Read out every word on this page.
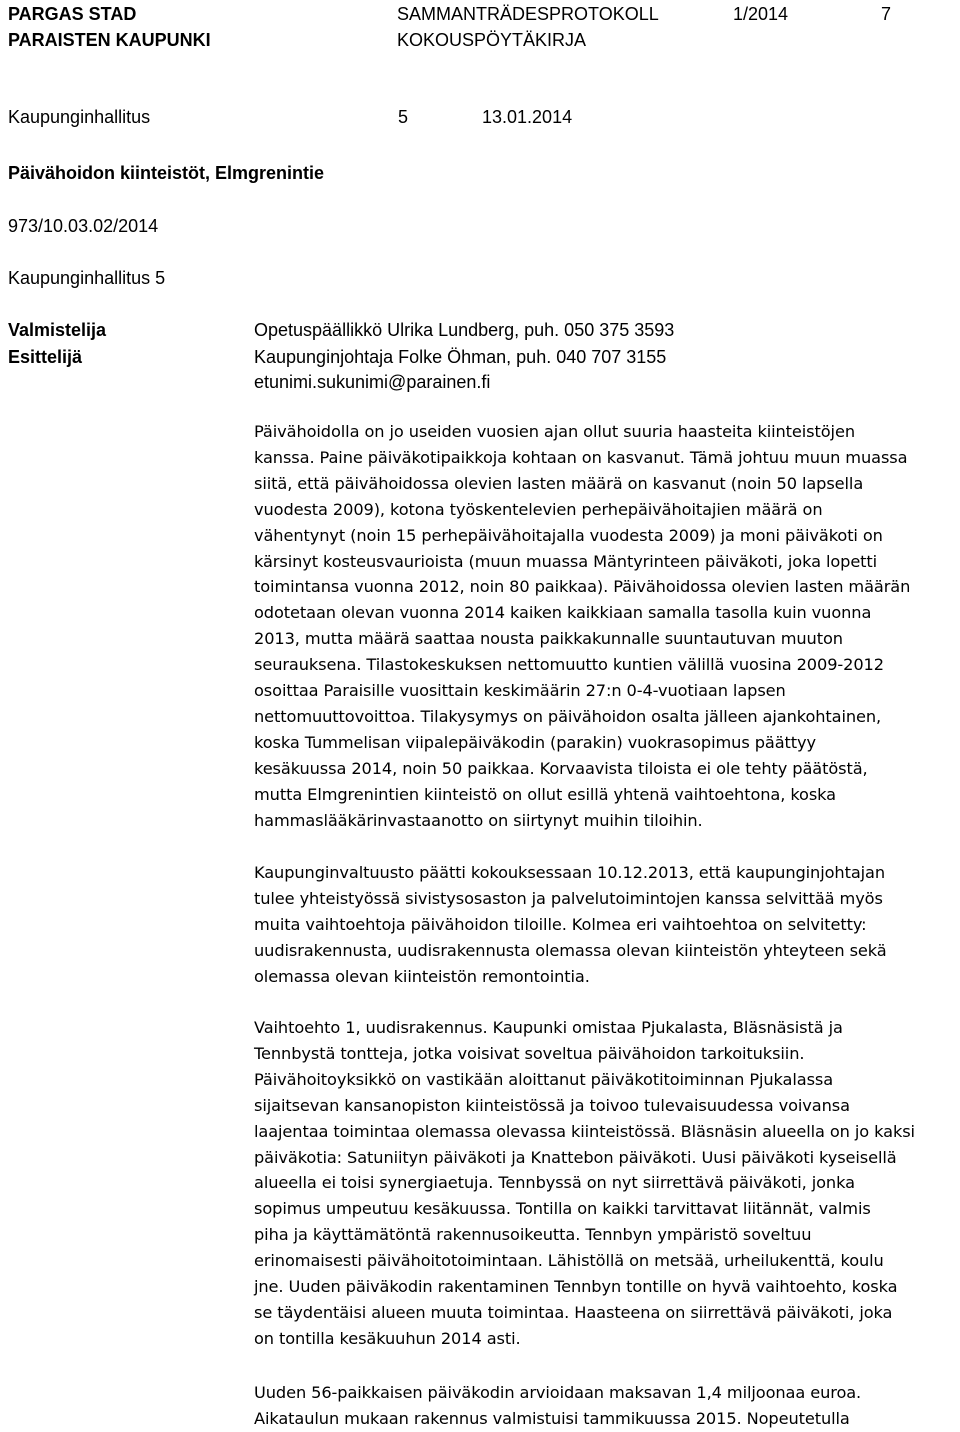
PARGAS STAD
PARAISTEN KAUPUNKI
SAMMANTRÄDESPROTOKOLL
KOKOUSPÖYTÄKIRJA
1/2014	7
Kaupunginhallitus	5	13.01.2014
Päivähoidon kiinteistöt, Elmgrenintie
973/10.03.02/2014
Kaupunginhallitus 5
Valmistelija	Opetuspäällikkö Ulrika Lundberg, puh. 050 375 3593
Esittelijä	Kaupunginjohtaja Folke Öhman, puh. 040 707 3155
etunimi.sukunimi@parainen.fi
Päivähoidolla on jo useiden vuosien ajan ollut suuria haasteita kiinteistöjen
kanssa. Paine päiväkotipaikkoja kohtaan on kasvanut. Tämä johtuu muun muassa
siitä, että päivähoidossa olevien lasten määrä on kasvanut (noin 50 lapsella
vuodesta 2009), kotona työskentelevien perhepäivähoitajien määrä on
vähentynyt (noin 15 perhepäivähoitajalla vuodesta 2009) ja moni päiväkoti on
kärsinyt kosteusvaurioista (muun muassa Mäntyrinteen päiväkoti, joka lopetti
toimintansa vuonna 2012, noin 80 paikkaa). Päivähoidossa olevien lasten määrän
odotetaan olevan vuonna 2014 kaiken kaikkiaan samalla tasolla kuin vuonna
2013, mutta määrä saattaa nousta paikkakunnalle suuntautuvan muuton
seurauksena. Tilastokeskuksen nettomuutto kuntien välillä vuosina 2009-2012
osoittaa Paraisille vuosittain keskimäärin 27:n 0-4-vuotiaan lapsen
nettomuuttovoittoa. Tilakysymys on päivähoidon osalta jälleen ajankohtainen,
koska Tummelisan viipalepäiväkodin (parakin) vuokrasopimus päättyy
kesäkuussa 2014, noin 50 paikkaa. Korvaavista tiloista ei ole tehty päätöstä,
mutta Elmgrenintien kiinteistö on ollut esillä yhtenä vaihtoehtona, koska
hammaslääkärinvastaanotto on siirtynyt muihin tiloihin.
Kaupunginvaltuusto päätti kokouksessaan 10.12.2013, että kaupunginjohtajan
tulee yhteistyössä sivistysosaston ja palvelutoimintojen kanssa selvittää myös
muita vaihtoehtoja päivähoidon tiloille. Kolmea eri vaihtoehtoa on selvitetty:
uudisrakennusta, uudisrakennusta olemassa olevan kiinteistön yhteyteen sekä
olemassa olevan kiinteistön remontointia.
Vaihtoehto 1, uudisrakennus. Kaupunki omistaa Pjukalasta, Bläsnäsistä ja
Tennbystä tontteja, jotka voisivat soveltua päivähoidon tarkoituksiin.
Päivähoitoyksikkö on vastikään aloittanut päiväkotitoiminnan Pjukalassa
sijaitsevan kansanopiston kiinteistössä ja toivoo tulevaisuudessa voivansa
laajentaa toimintaa olemassa olevassa kiinteistössä. Bläsnäsin alueella on jo kaksi
päiväkotia: Satuniityn päiväkoti ja Knattebon päiväkoti. Uusi päiväkoti kyseisellä
alueella ei toisi synergiaetuja. Tennbyssä on nyt siirrettävä päiväkoti, jonka
sopimus umpeutuu kesäkuussa. Tontilla on kaikki tarvittavat liitännät, valmis
piha ja käyttämätöntä rakennusoikeutta. Tennbyn ympäristö soveltuu
erinomaisesti päivähoitotoimintaan. Lähistöllä on metsää, urheilukenttä, koulu
jne. Uuden päiväkodin rakentaminen Tennbyn tontille on hyvä vaihtoehto, koska
se täydentäisi alueen muuta toimintaa. Haasteena on siirrettävä päiväkoti, joka
on tontilla kesäkuuhun 2014 asti.
Uuden 56-paikkaisen päiväkodin arvioidaan maksavan 1,4 miljoonaa euroa.
Aikataulun mukaan rakennus valmistuisi tammikuussa 2015. Nopeutetulla
